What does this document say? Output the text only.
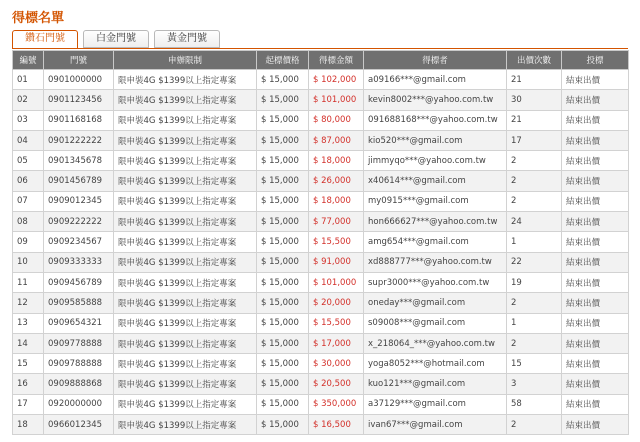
得標名單
鑽石門號	白金門號	黃金門號
編號	門號	申辦限制	起標價格	得標金額	得標者	出價次數	投標
01	0901000000	限申裝4G $1399以上指定專案	$ 15,000	$ 102,000	a09166***@gmail.com	21	結束出價
02	0901123456	限申裝4G $1399以上指定專案	$ 15,000	$ 101,000	kevin8002***@yahoo.com.tw	30	結束出價
03	0901168168	限申裝4G $1399以上指定專案	$ 15,000	$ 80,000	091688168***@yahoo.com.tw	21	結束出價
04	0901222222	限申裝4G $1399以上指定專案	$ 15,000	$ 87,000	kio520***@gmail.com	17	結束出價
05	0901345678	限申裝4G $1399以上指定專案	$ 15,000	$ 18,000	jimmyqo***@yahoo.com.tw	2	結束出價
06	0901456789	限申裝4G $1399以上指定專案	$ 15,000	$ 26,000	x40614***@gmail.com	2	結束出價
07	0909012345	限申裝4G $1399以上指定專案	$ 15,000	$ 18,000	my0915***@gmail.com	2	結束出價
08	0909222222	限申裝4G $1399以上指定專案	$ 15,000	$ 77,000	hon666627***@yahoo.com.tw	24	結束出價
09	0909234567	限申裝4G $1399以上指定專案	$ 15,000	$ 15,500	amg654***@gmail.com	1	結束出價
10	0909333333	限申裝4G $1399以上指定專案	$ 15,000	$ 91,000	xd888777***@yahoo.com.tw	22	結束出價
11	0909456789	限申裝4G $1399以上指定專案	$ 15,000	$ 101,000	supr3000***@yahoo.com.tw	19	結束出價
12	0909585888	限申裝4G $1399以上指定專案	$ 15,000	$ 20,000	oneday***@gmail.com	2	結束出價
13	0909654321	限申裝4G $1399以上指定專案	$ 15,000	$ 15,500	s09008***@gmail.com	1	結束出價
14	0909778888	限申裝4G $1399以上指定專案	$ 15,000	$ 17,000	x_218064_***@yahoo.com.tw	2	結束出價
15	0909788888	限申裝4G $1399以上指定專案	$ 15,000	$ 30,000	yoga8052***@hotmail.com	15	結束出價
16	0909888868	限申裝4G $1399以上指定專案	$ 15,000	$ 20,500	kuo121***@gmail.com	3	結束出價
17	0920000000	限申裝4G $1399以上指定專案	$ 15,000	$ 350,000	a37129***@gmail.com	58	結束出價
18	0966012345	限申裝4G $1399以上指定專案	$ 15,000	$ 16,500	ivan67***@gmail.com	2	結束出價
